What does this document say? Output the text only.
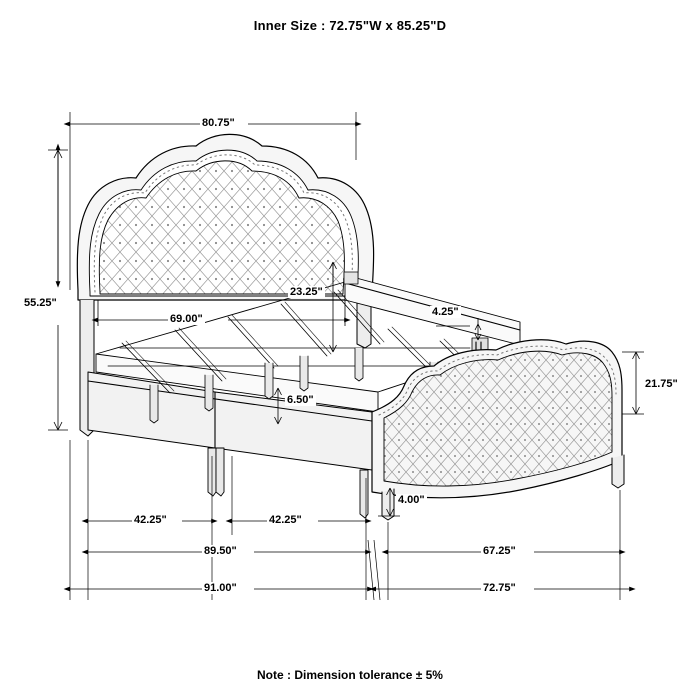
Inner Size : 72.75"W x 85.25"D
80.75"
55.25"
69.00"
23.25"
4.25"
6.50"
21.75"
4.00"
42.25"	42.25"
89.50"	67.25"
91.00"	72.75"
Note : Dimension tolerance ± 5%
